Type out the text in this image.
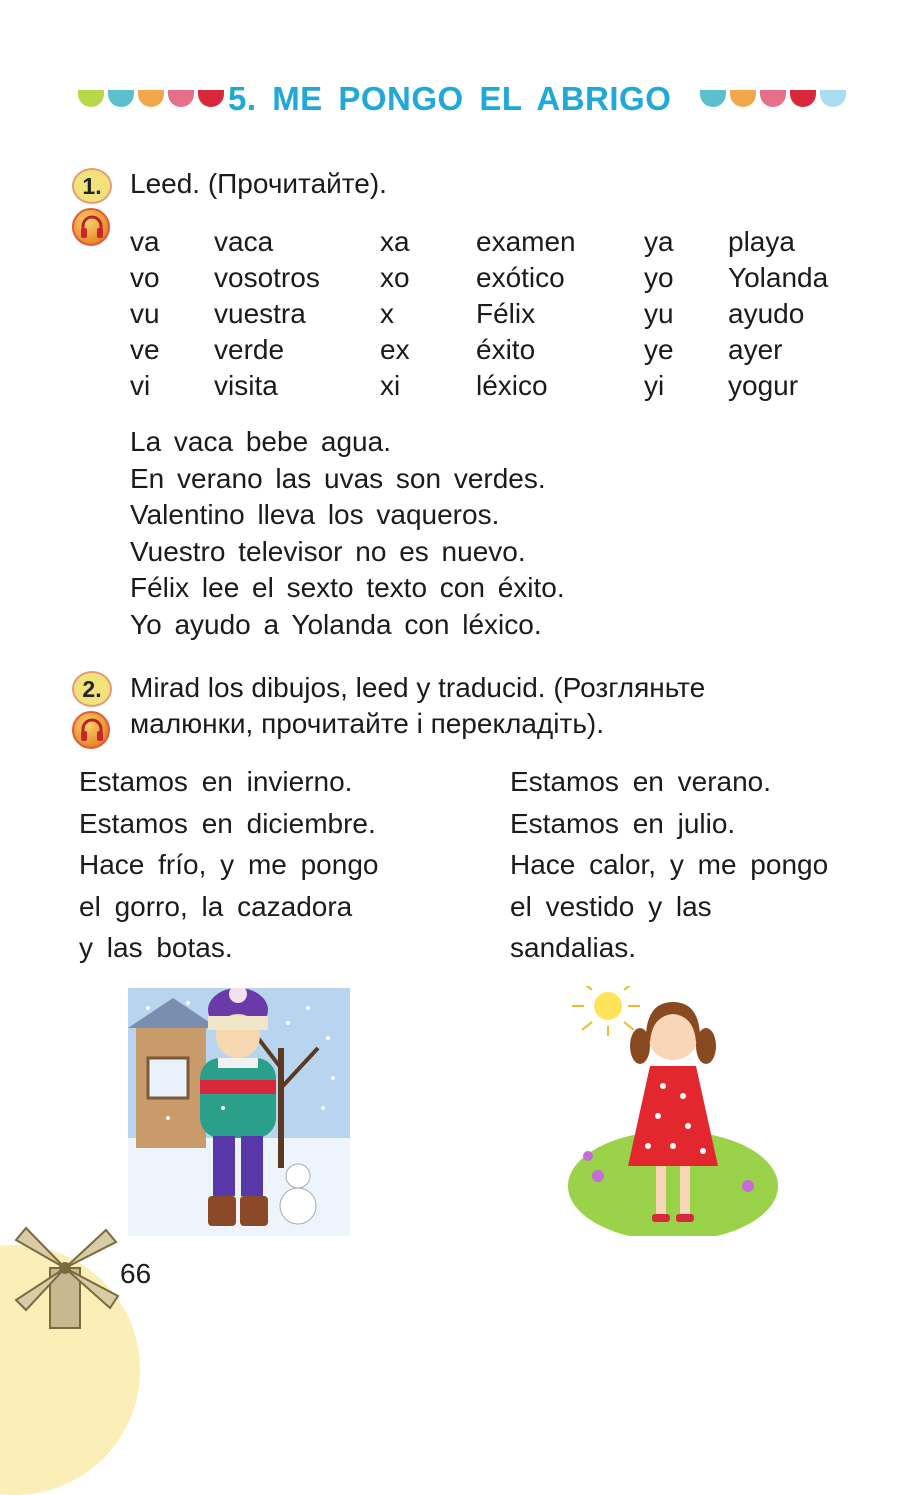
5. ME PONGO EL ABRIGO
1.	Leed. (Прочитайте).
va vaca	xa examen ya playa
vo vosotros xo exótico	yo Yolanda
vu vuestra	x	Félix	yu ayudo
ve verde	ex éxito	ye ayer
vi visita	xi	léxico	yi yogur
La vaca bebe agua.
En verano las uvas son verdes.
Valentino lleva los vaqueros.
Vuestro televisor no es nuevo.
Félix lee el sexto texto con éxito.
Yo ayudo a Yolanda con léxico.
2.	Mirad los dibujos, leed y traducid. (Розгляньте
малюнки, прочитайте і перекладіть).
Estamos en invierno.
Estamos en diciembre.
Hace frío, y me pongo
el gorro, la cazadora
y las botas.
Estamos en verano.
Estamos en julio.
Hace calor, y me pongo
el vestido y las
sandalias.
66
